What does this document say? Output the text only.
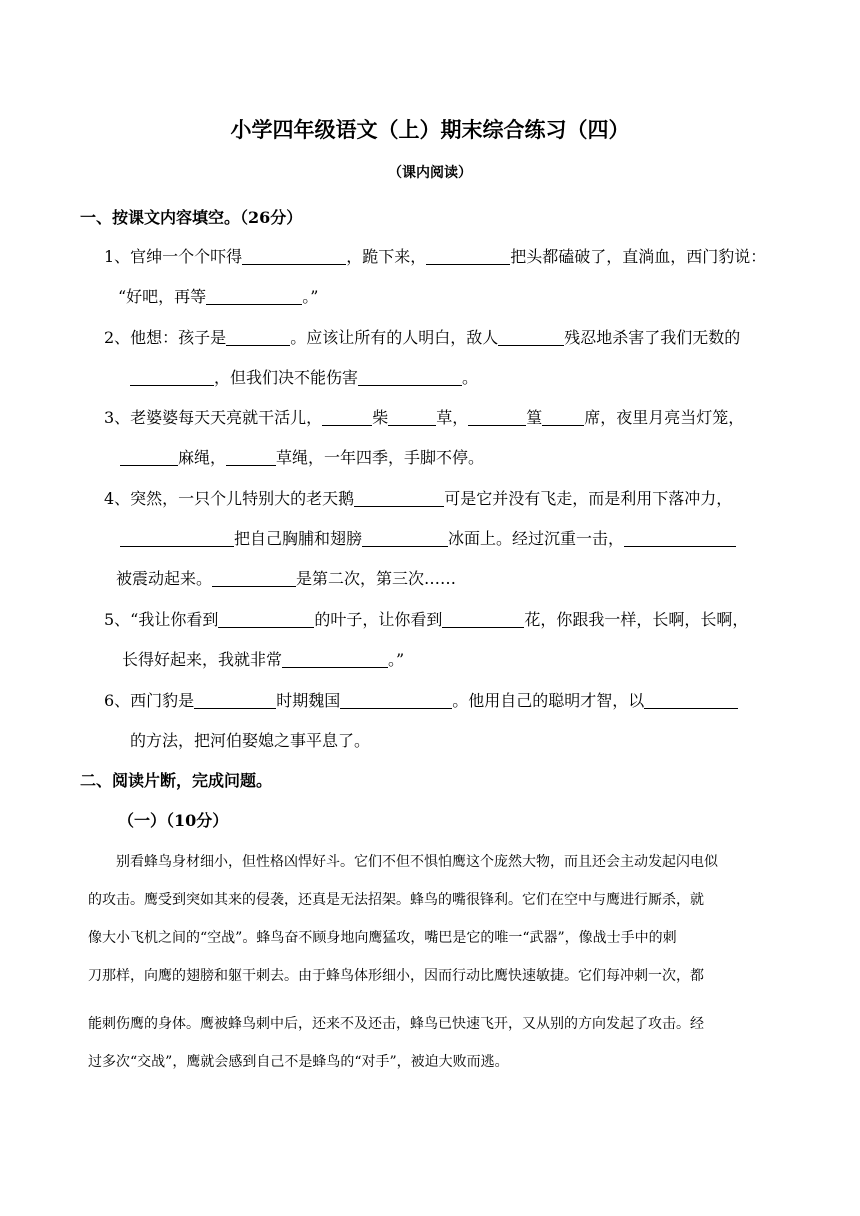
小学四年级语文（上）期末综合练习（四）
（课内阅读）
一、按课文内容填空。（26分）
1、官绅一个个吓得	，跪下来，	把头都磕破了，直淌血，西门豹说：
“好吧，再等	。”
2、他想：孩子是	。应该让所有的人明白，敌人	残忍地杀害了我们无数的
，但我们决不能伤害	。
3、老婆婆每天天亮就干活儿，	柴	草，	篁	席，夜里月亮当灯笼，
麻绳，	草绳，一年四季，手脚不停。
4、突然，一只个儿特别大的老天鹅	可是它并没有飞走，而是利用下落冲力，
把自己胸脯和翅膀	冰面上。经过沉重一击，
被震动起来。	是第二次，第三次……
5、“我让你看到	的叶子，让你看到	花，你跟我一样，长啊，长啊，
长得好起来，我就非常	。”
6、西门豹是	时期魏国	。他用自己的聪明才智，以
的方法，把河伯娶媳之事平息了。
二、阅读片断，完成问题。
（一）（10分）
别看蜂鸟身材细小，但性格凶悍好斗。它们不但不惧怕鹰这个庞然大物，而且还会主动发起闪电似
的攻击。鹰受到突如其来的侵袭，还真是无法招架。蜂鸟的嘴很锋利。它们在空中与鹰进行厮杀，就
像大小飞机之间的“空战”。蜂鸟奋不顾身地向鹰猛攻，嘴巴是它的唯一“武器”，像战士手中的刺
刀那样，向鹰的翅膀和躯干刺去。由于蜂鸟体形细小，因而行动比鹰快速敏捷。它们每冲刺一次，都
能刺伤鹰的身体。鹰被蜂鸟刺中后，还来不及还击，蜂鸟已快速飞开，又从别的方向发起了攻击。经
过多次“交战”，鹰就会感到自己不是蜂鸟的“对手”，被迫大败而逃。
